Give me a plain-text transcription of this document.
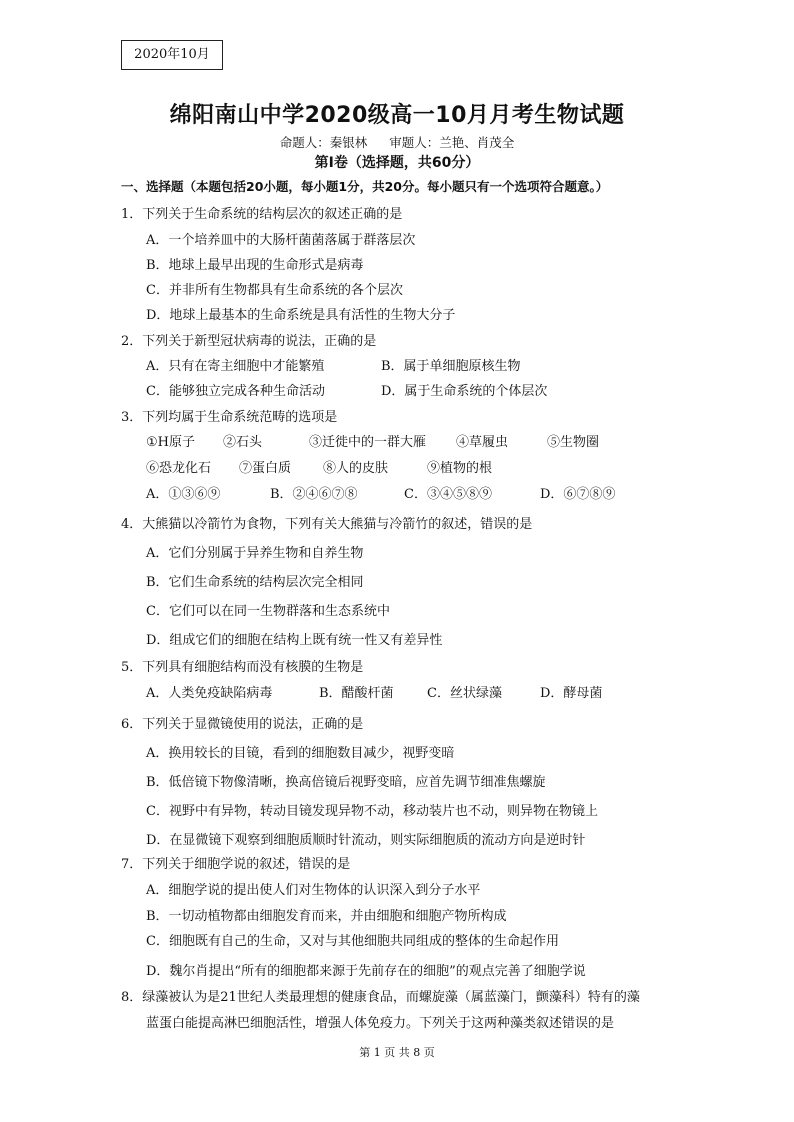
2020年10月
绵阳南山中学2020级高一10月月考生物试题
命题人：秦银林 审题人：兰艳、肖茂全
第Ⅰ卷（选择题，共60分）
一、选择题（本题包括20小题，每小题1分，共20分。每小题只有一个选项符合题意。）
1．下列关于生命系统的结构层次的叙述正确的是
A．一个培养皿中的大肠杆菌菌落属于群落层次
B．地球上最早出现的生命形式是病毒
C．并非所有生物都具有生命系统的各个层次
D．地球上最基本的生命系统是具有活性的生物大分子
2．下列关于新型冠状病毒的说法，正确的是
A．只有在寄主细胞中才能繁殖	B．属于单细胞原核生物
C．能够独立完成各种生命活动	D．属于生命系统的个体层次
3．下列均属于生命系统范畴的选项是
①H原子 ②石头	③迁徙中的一群大雁 ④草履虫	⑤生物圈
⑥恐龙化石 ⑦蛋白质 ⑧人的皮肤	⑨植物的根
A．①③⑥⑨	B．②④⑥⑦⑧	C．③④⑤⑧⑨	D．⑥⑦⑧⑨
4．大熊猫以冷箭竹为食物，下列有关大熊猫与冷箭竹的叙述，错误的是
A．它们分别属于异养生物和自养生物
B．它们生命系统的结构层次完全相同
C．它们可以在同一生物群落和生态系统中
D．组成它们的细胞在结构上既有统一性又有差异性
5．下列具有细胞结构而没有核膜的生物是
A．人类免疫缺陷病毒	B．醋酸杆菌	C．丝状绿藻	D．酵母菌
6．下列关于显微镜使用的说法，正确的是
A．换用较长的目镜，看到的细胞数目减少，视野变暗
B．低倍镜下物像清晰，换高倍镜后视野变暗，应首先调节细准焦螺旋
C．视野中有异物，转动目镜发现异物不动，移动装片也不动，则异物在物镜上
D．在显微镜下观察到细胞质顺时针流动，则实际细胞质的流动方向是逆时针
7．下列关于细胞学说的叙述，错误的是
A．细胞学说的提出使人们对生物体的认识深入到分子水平
B．一切动植物都由细胞发育而来，并由细胞和细胞产物所构成
C．细胞既有自己的生命，又对与其他细胞共同组成的整体的生命起作用
D．魏尔肖提出“所有的细胞都来源于先前存在的细胞”的观点完善了细胞学说
8．绿藻被认为是21世纪人类最理想的健康食品，而螺旋藻（属蓝藻门，颤藻科）特有的藻
蓝蛋白能提高淋巴细胞活性，增强人体免疫力。下列关于这两种藻类叙述错误的是
第 1 页 共 8 页
